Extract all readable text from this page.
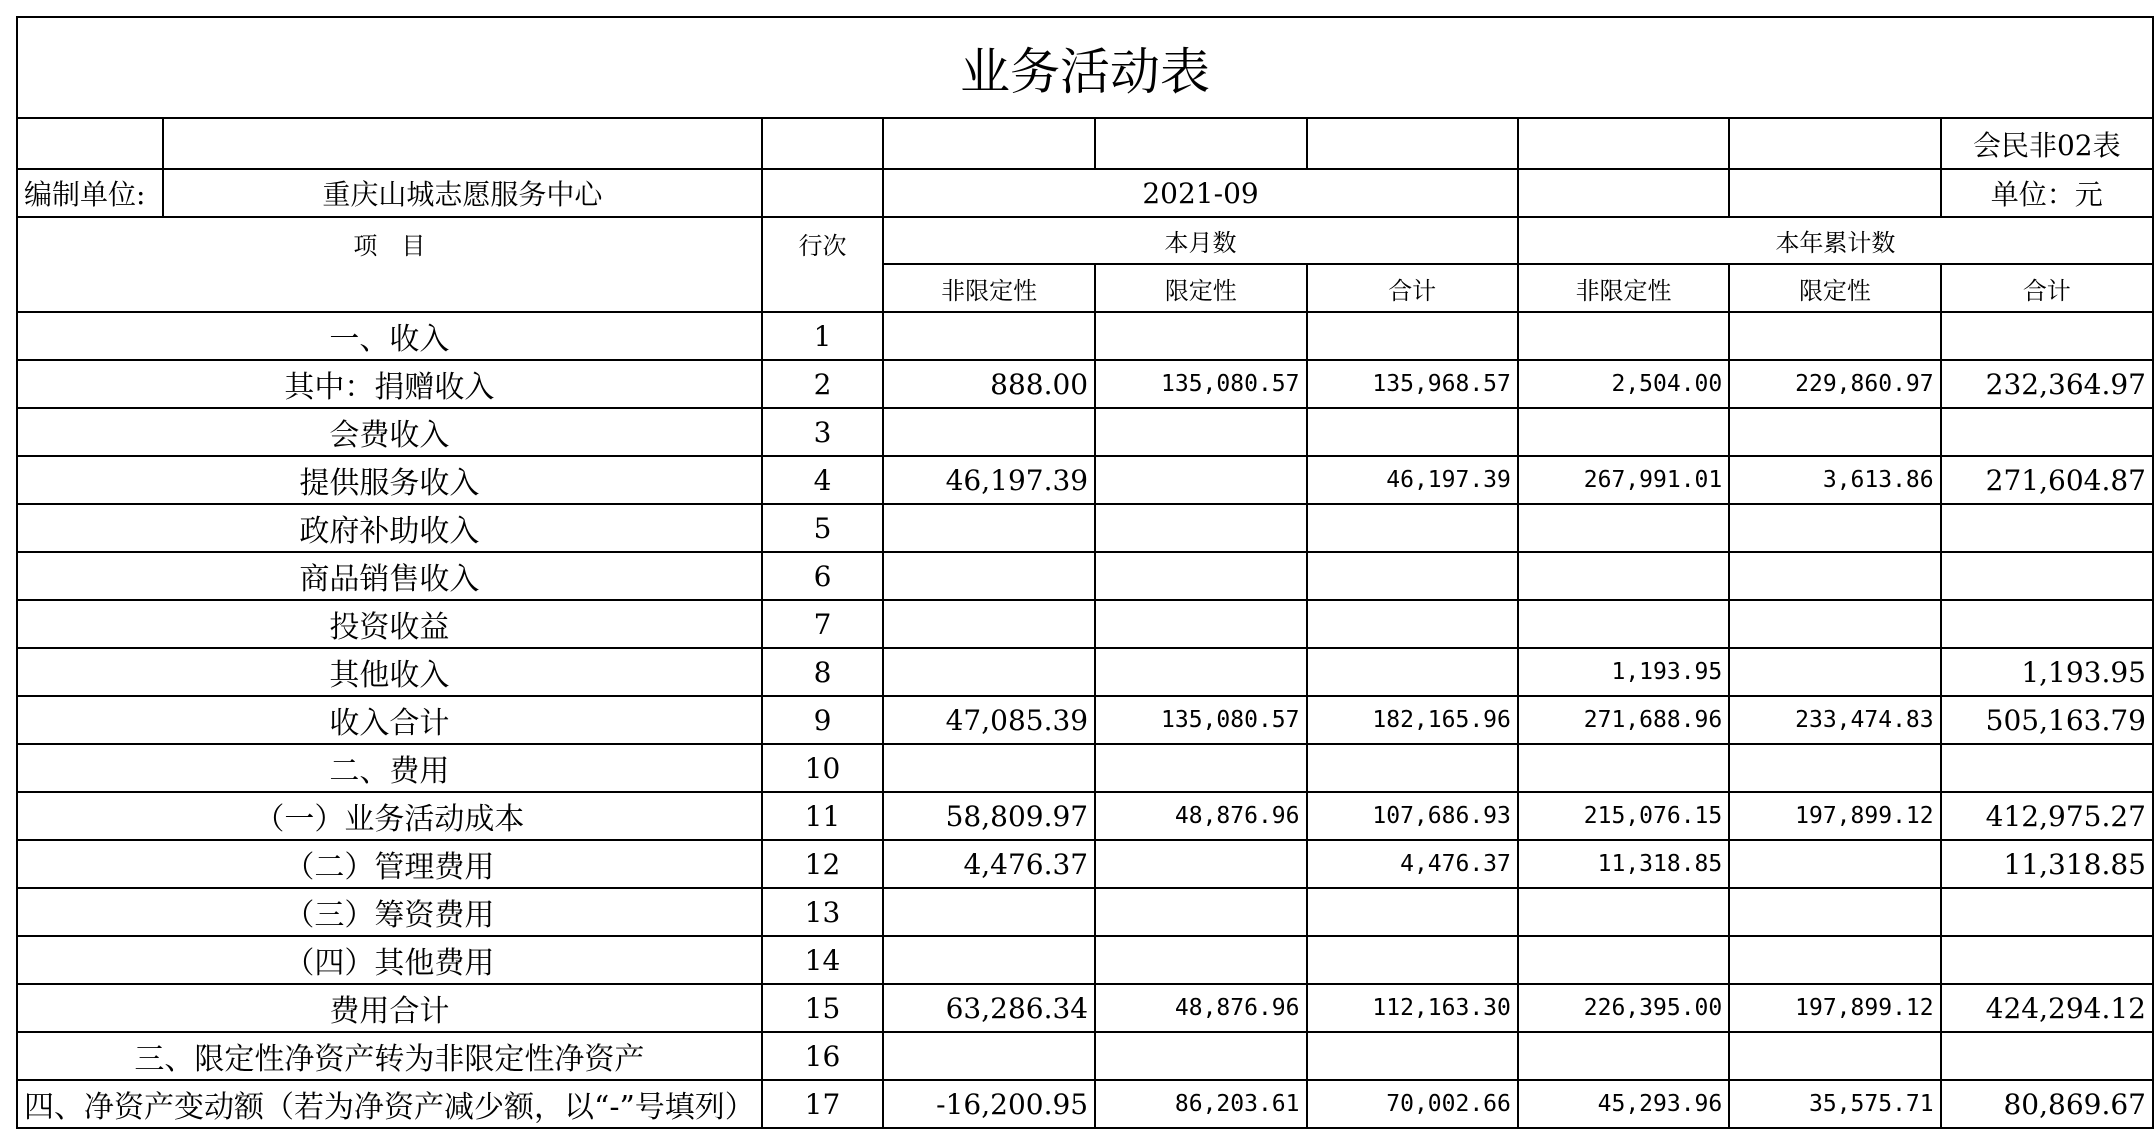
业务活动表								
								会民非02表
编制单位:	重庆山城志愿服务中心		2021-09					单位：元
项　目		行次	本月数			本年累计数		
			非限定性	限定性	合计	非限定性	限定性	合计
一、收入		1						
其中：捐赠收入		2	888.00	135,080.57	135,968.57	2,504.00	229,860.97	232,364.97
会费收入		3						
提供服务收入		4	46,197.39		46,197.39	267,991.01	3,613.86	271,604.87
政府补助收入		5						
商品销售收入		6						
投资收益		7						
其他收入		8				1,193.95		1,193.95
收入合计		9	47,085.39	135,080.57	182,165.96	271,688.96	233,474.83	505,163.79
二、费用		10						
（一）业务活动成本		11	58,809.97	48,876.96	107,686.93	215,076.15	197,899.12	412,975.27
（二）管理费用		12	4,476.37		4,476.37	11,318.85		11,318.85
（三）筹资费用		13						
（四）其他费用		14						
费用合计		15	63,286.34	48,876.96	112,163.30	226,395.00	197,899.12	424,294.12
三、限定性净资产转为非限定性净资产		16						
四、净资产变动额（若为净资产减少额，以“-”号填列）		17	-16,200.95	86,203.61	70,002.66	45,293.96	35,575.71	80,869.67
